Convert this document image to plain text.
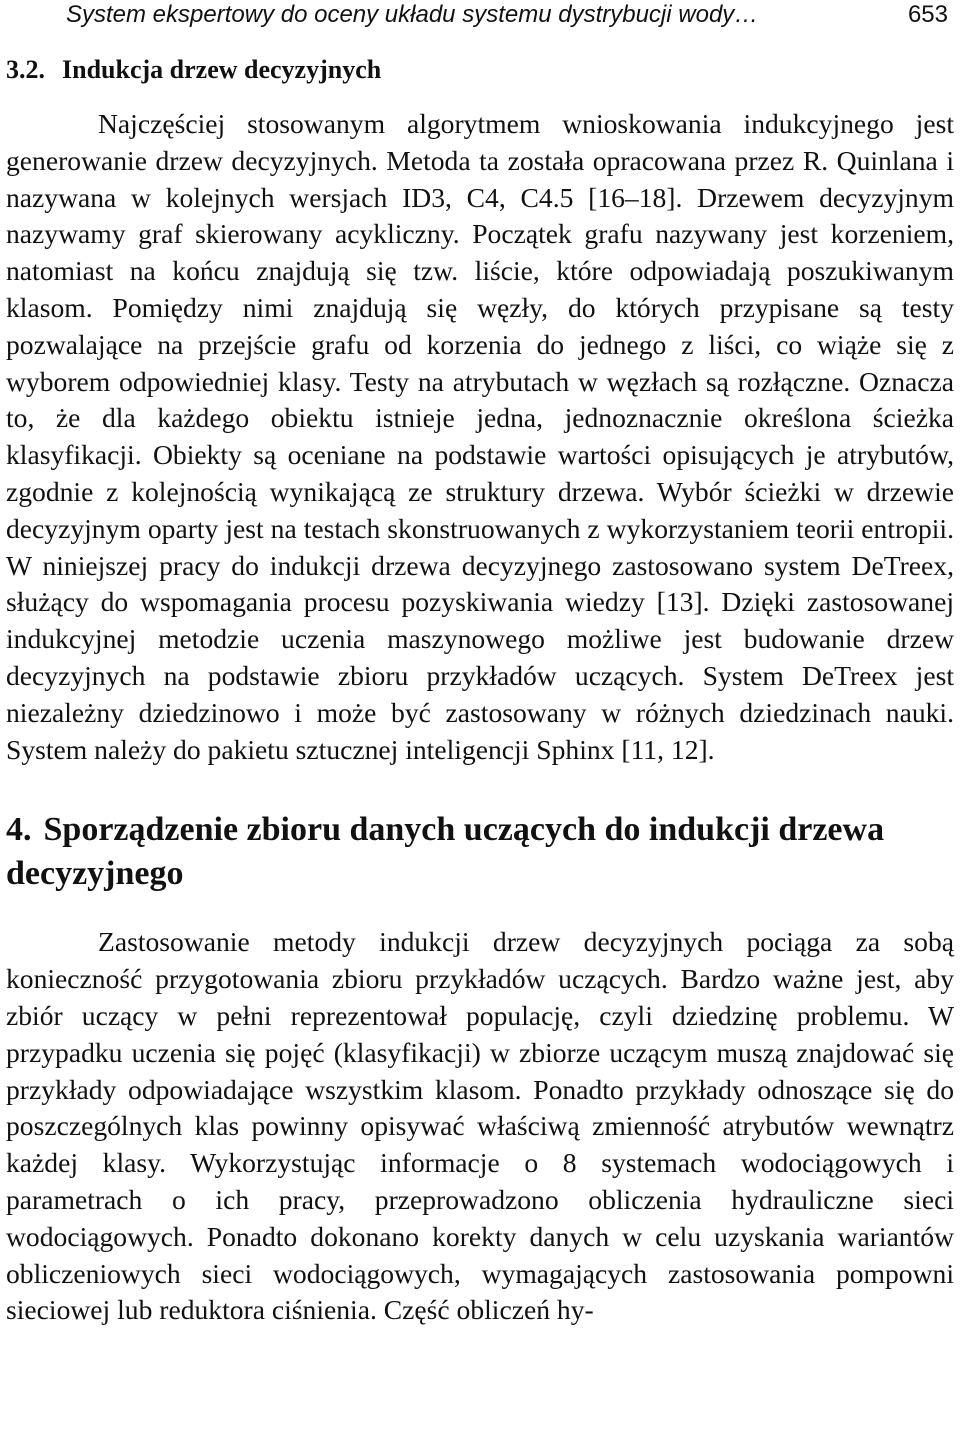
System ekspertowy do oceny układu systemu dystrybucji wody…	653
3.2. Indukcja drzew decyzyjnych

Najczęściej stosowanym algorytmem wnioskowania indukcyjnego jest generowanie drzew decyzyjnych. Metoda ta została opracowana przez R. Quinlana i nazywana w kolejnych wersjach ID3, C4, C4.5 [16–18]. Drzewem decyzyjnym nazywamy graf skierowany acykliczny. Początek grafu nazywany jest korzeniem, natomiast na końcu znajdują się tzw. liście, które odpowiadają poszukiwanym klasom. Pomiędzy nimi znajdują się węzły, do których przypisane są testy pozwalające na przejście grafu od korzenia do jednego z liści, co wiąże się z wyborem odpowiedniej klasy. Testy na atrybutach w węzłach są rozłączne. Oznacza to, że dla każdego obiektu istnieje jedna, jednoznacznie określona ścieżka klasyfikacji. Obiekty są oceniane na podstawie wartości opisujących je atrybutów, zgodnie z kolejnością wynikającą ze struktury drzewa. Wybór ścieżki w drzewie decyzyjnym oparty jest na testach skonstruowanych z wykorzystaniem teorii entropii. W niniejszej pracy do indukcji drzewa decyzyjnego zastosowano system DeTreex, służący do wspomagania procesu pozyskiwania wiedzy [13]. Dzięki zastosowanej indukcyjnej metodzie uczenia maszynowego możliwe jest budowanie drzew decyzyjnych na podstawie zbioru przykładów uczących. System DeTreex jest niezależny dziedzinowo i może być zastosowany w różnych dziedzinach nauki. System należy do pakietu sztucznej inteligencji Sphinx [11, 12].

4. Sporządzenie zbioru danych uczących do indukcji drzewa decyzyjnego

Zastosowanie metody indukcji drzew decyzyjnych pociąga za sobą konieczność przygotowania zbioru przykładów uczących. Bardzo ważne jest, aby zbiór uczący w pełni reprezentował populację, czyli dziedzinę problemu. W przypadku uczenia się pojęć (klasyfikacji) w zbiorze uczącym muszą znajdować się przykłady odpowiadające wszystkim klasom. Ponadto przykłady odnoszące się do poszczególnych klas powinny opisywać właściwą zmienność atrybutów wewnątrz każdej klasy. Wykorzystując informacje o 8 systemach wodociągowych i parametrach o ich pracy, przeprowadzono obliczenia hydrauliczne sieci wodociągowych. Ponadto dokonano korekty danych w celu uzyskania wariantów obliczeniowych sieci wodociągowych, wymagających zastosowania pompowni sieciowej lub reduktora ciśnienia. Część obliczeń hy-
